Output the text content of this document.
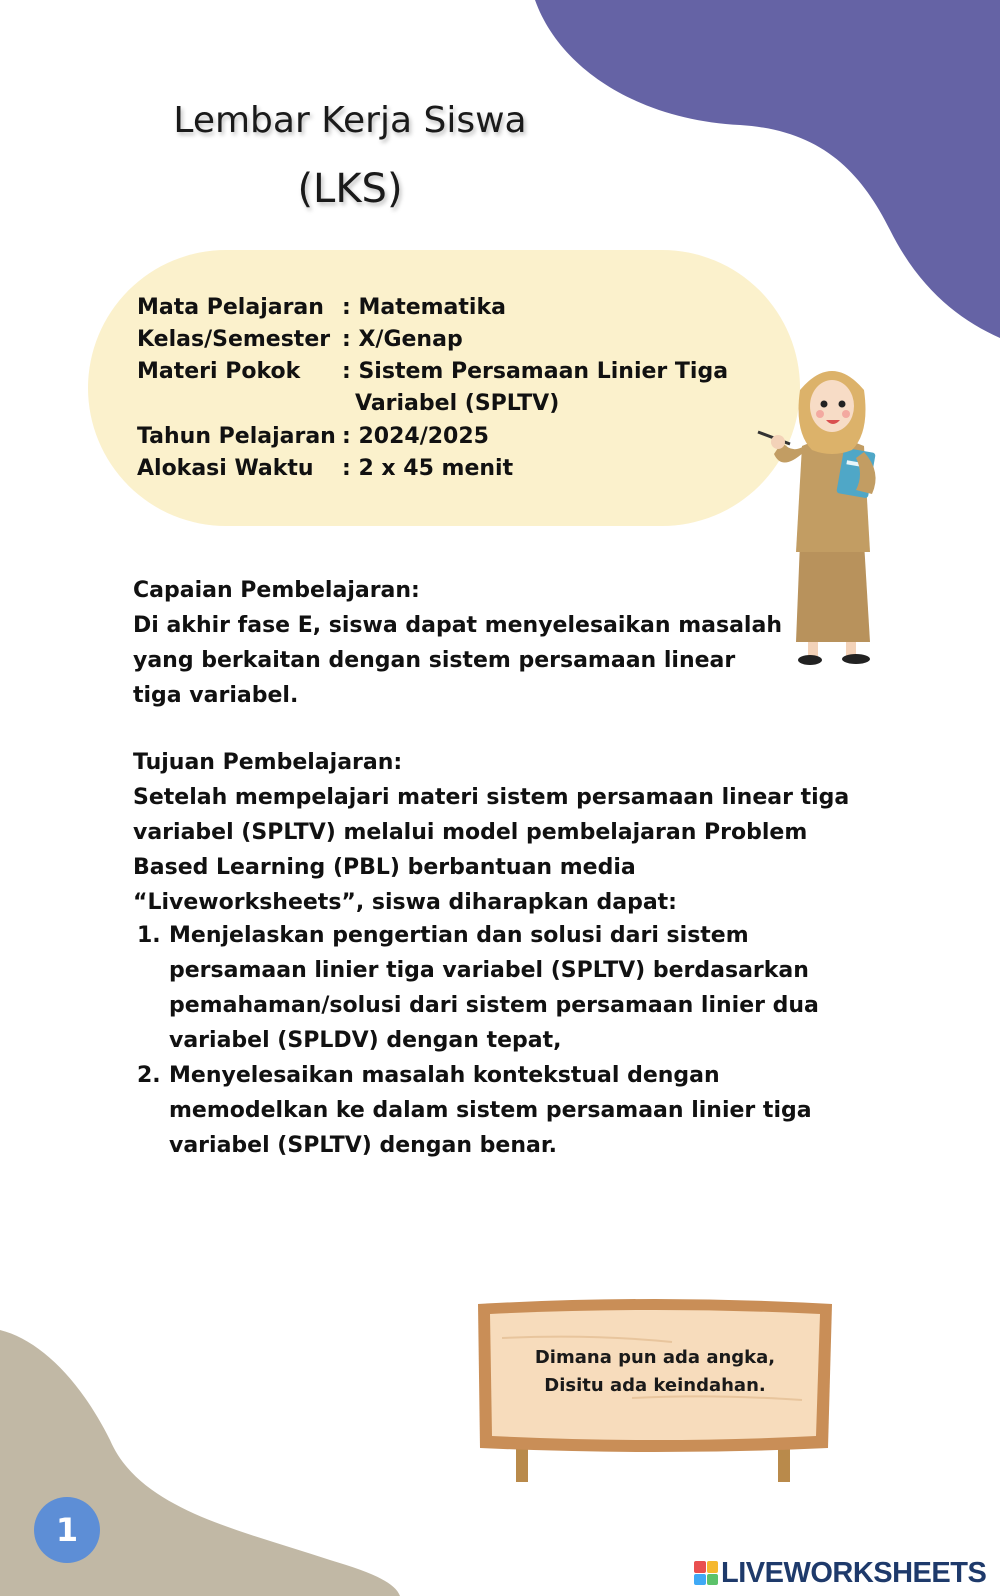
Lembar Kerja Siswa
(LKS)
Mata Pelajaran : Matematika
Kelas/Semester : X/Genap
Materi Pokok : Sistem Persamaan Linier Tiga
Variabel (SPLTV)
Tahun Pelajaran : 2024/2025
Alokasi Waktu : 2 x 45 menit
Capaian Pembelajaran:
Di akhir fase E, siswa dapat menyelesaikan masalah yang berkaitan dengan sistem persamaan linear tiga variabel.
Tujuan Pembelajaran:
Setelah mempelajari materi sistem persamaan linear tiga variabel (SPLTV) melalui model pembelajaran Problem Based Learning (PBL) berbantuan media “Liveworksheets”, siswa diharapkan dapat:
1. Menjelaskan pengertian dan solusi dari sistem persamaan linier tiga variabel (SPLTV) berdasarkan pemahaman/solusi dari sistem persamaan linier dua variabel (SPLDV) dengan tepat,
2. Menyelesaikan masalah kontekstual dengan memodelkan ke dalam sistem persamaan linier tiga variabel (SPLTV) dengan benar.
Dimana pun ada angka,
Disitu ada keindahan.
1
LIVEWORKSHEETS
